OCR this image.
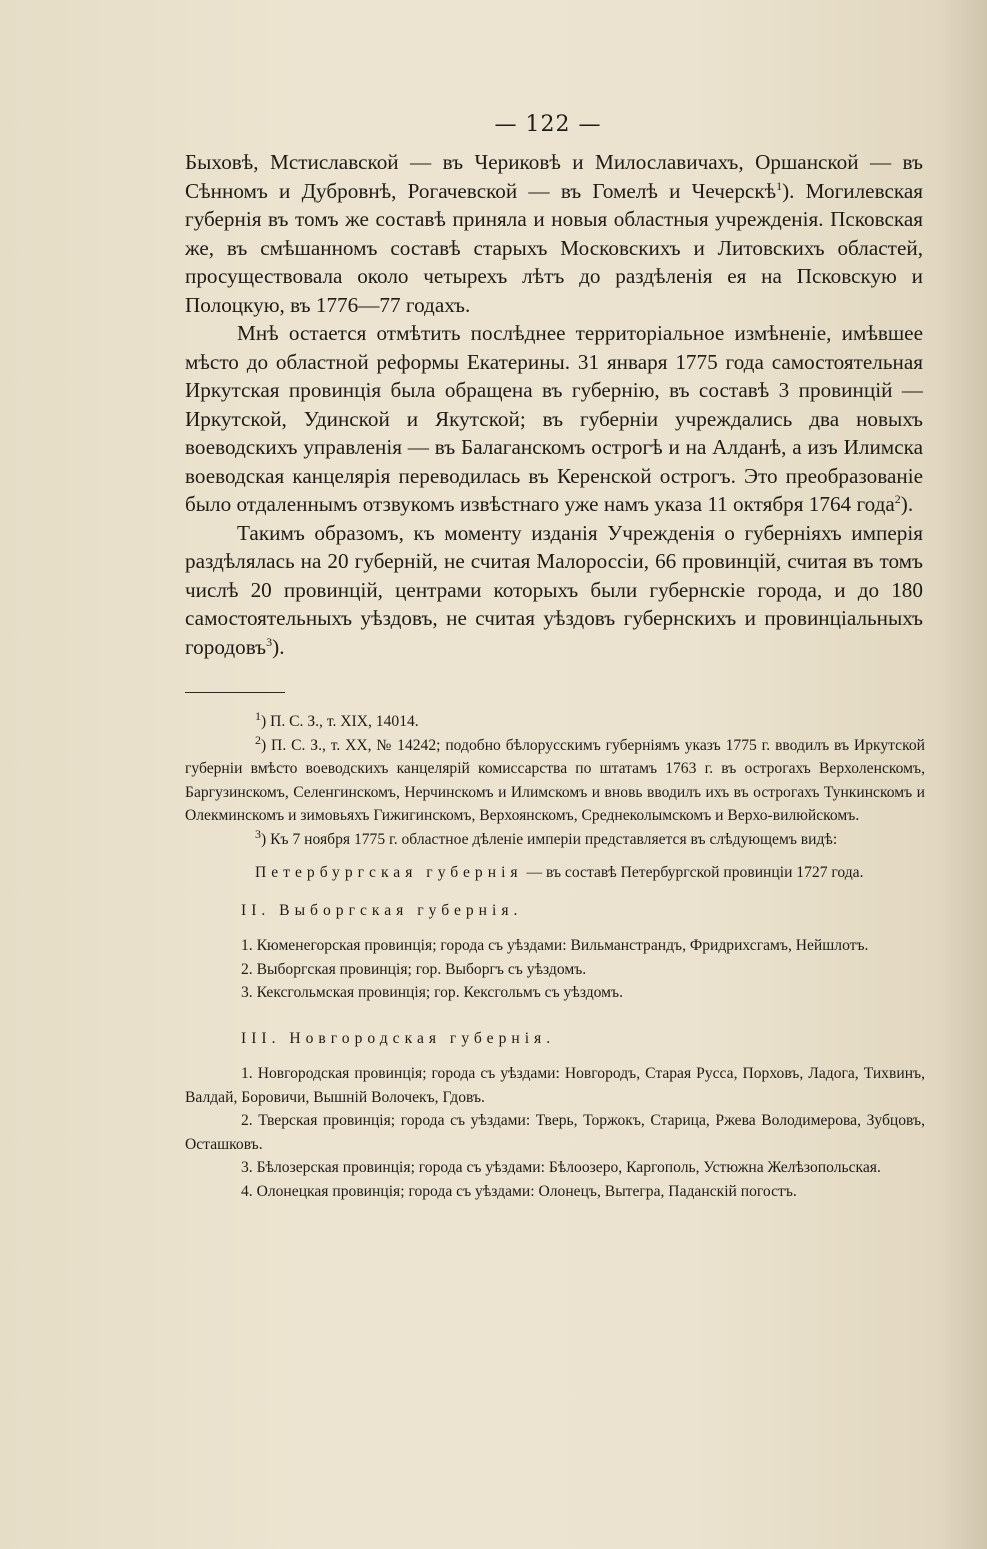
— 122 —

Быховѣ, Мстиславской — въ Чериковѣ и Милославичахъ, Оршанской — въ Сѣнномъ и Дубровнѣ, Рогачевской — въ Гомелѣ и Чечерскѣ$^1$). Могилевская губернія въ томъ же составѣ приняла и новыя областныя учрежденія. Псковская же, въ смѣшанномъ составѣ старыхъ Московскихъ и Литовскихъ областей, просуществовала около четырехъ лѣтъ до раздѣленія ея на Псковскую и Полоцкую, въ 1776—77 годахъ.

Мнѣ остается отмѣтить послѣднее территоріальное измѣненіе, имѣвшее мѣсто до областной реформы Екатерины. 31 января 1775 года самостоятельная Иркутская провинція была обращена въ губернію, въ составѣ 3 провинцій — Иркутской, Удинской и Якутской; въ губерніи учреждались два новыхъ воеводскихъ управленія — въ Балаганскомъ острогѣ и на Алданѣ, а изъ Илимска воеводская канцелярія переводилась въ Керенской острогъ. Это преобразованіе было отдаленнымъ отзвукомъ извѣстнаго уже намъ указа 11 октября 1764 года$^2$).

Такимъ образомъ, къ моменту изданія Учрежденія о губерніяхъ имперія раздѣлялась на 20 губерній, не считая Малороссіи, 66 провинцій, считая въ томъ числѣ 20 провинцій, центрами которыхъ были губернскіе города, и до 180 самостоятельныхъ уѣздовъ, не считая уѣздовъ губернскихъ и провинціальныхъ городовъ$^3$).

$^1$) П. С. З., т. XIX, 14014.

$^2$) П. С. З., т. XX, № 14242; подобно бѣлорусскимъ губерніямъ указъ 1775 г. вводилъ въ Иркутской губерніи вмѣсто воеводскихъ канцелярій комиссарства по штатамъ 1763 г. въ острогахъ Верхоленскомъ, Баргузинскомъ, Селенгинскомъ, Нерчинскомъ и Илимскомъ и вновь вводилъ ихъ въ острогахъ Тункинскомъ и Олекминскомъ и зимовьяхъ Гижигинскомъ, Верхоянскомъ, Среднеколымскомъ и Верхо-вилюйскомъ.

$^3$) Къ 7 ноября 1775 г. областное дѣленіе имперіи представляется въ слѣдующемъ видѣ:

Петербургская губернія — въ составѣ Петербургской провинціи 1727 года.

II. Выборгская губернія.

1. Кюменегорская провинція; города съ уѣздами: Вильманстрандъ, Фридрихсгамъ, Нейшлотъ.

2. Выборгская провинція; гор. Выборгъ съ уѣздомъ.

3. Кексгольмская провинція; гор. Кексгольмъ съ уѣздомъ.

III. Новгородская губернія.

1. Новгородская провинція; города съ уѣздами: Новгородъ, Старая Русса, Порховъ, Ладога, Тихвинъ, Валдай, Боровичи, Вышній Волочекъ, Гдовъ.

2. Тверская провинція; города съ уѣздами: Тверь, Торжокъ, Старица, Ржева Володимерова, Зубцовъ, Осташковъ.

3. Бѣлозерская провинція; города съ уѣздами: Бѣлоозеро, Каргополь, Устюжна Желѣзопольская.

4. Олонецкая провинція; города съ уѣздами: Олонецъ, Вытегра, Паданскій погостъ.
